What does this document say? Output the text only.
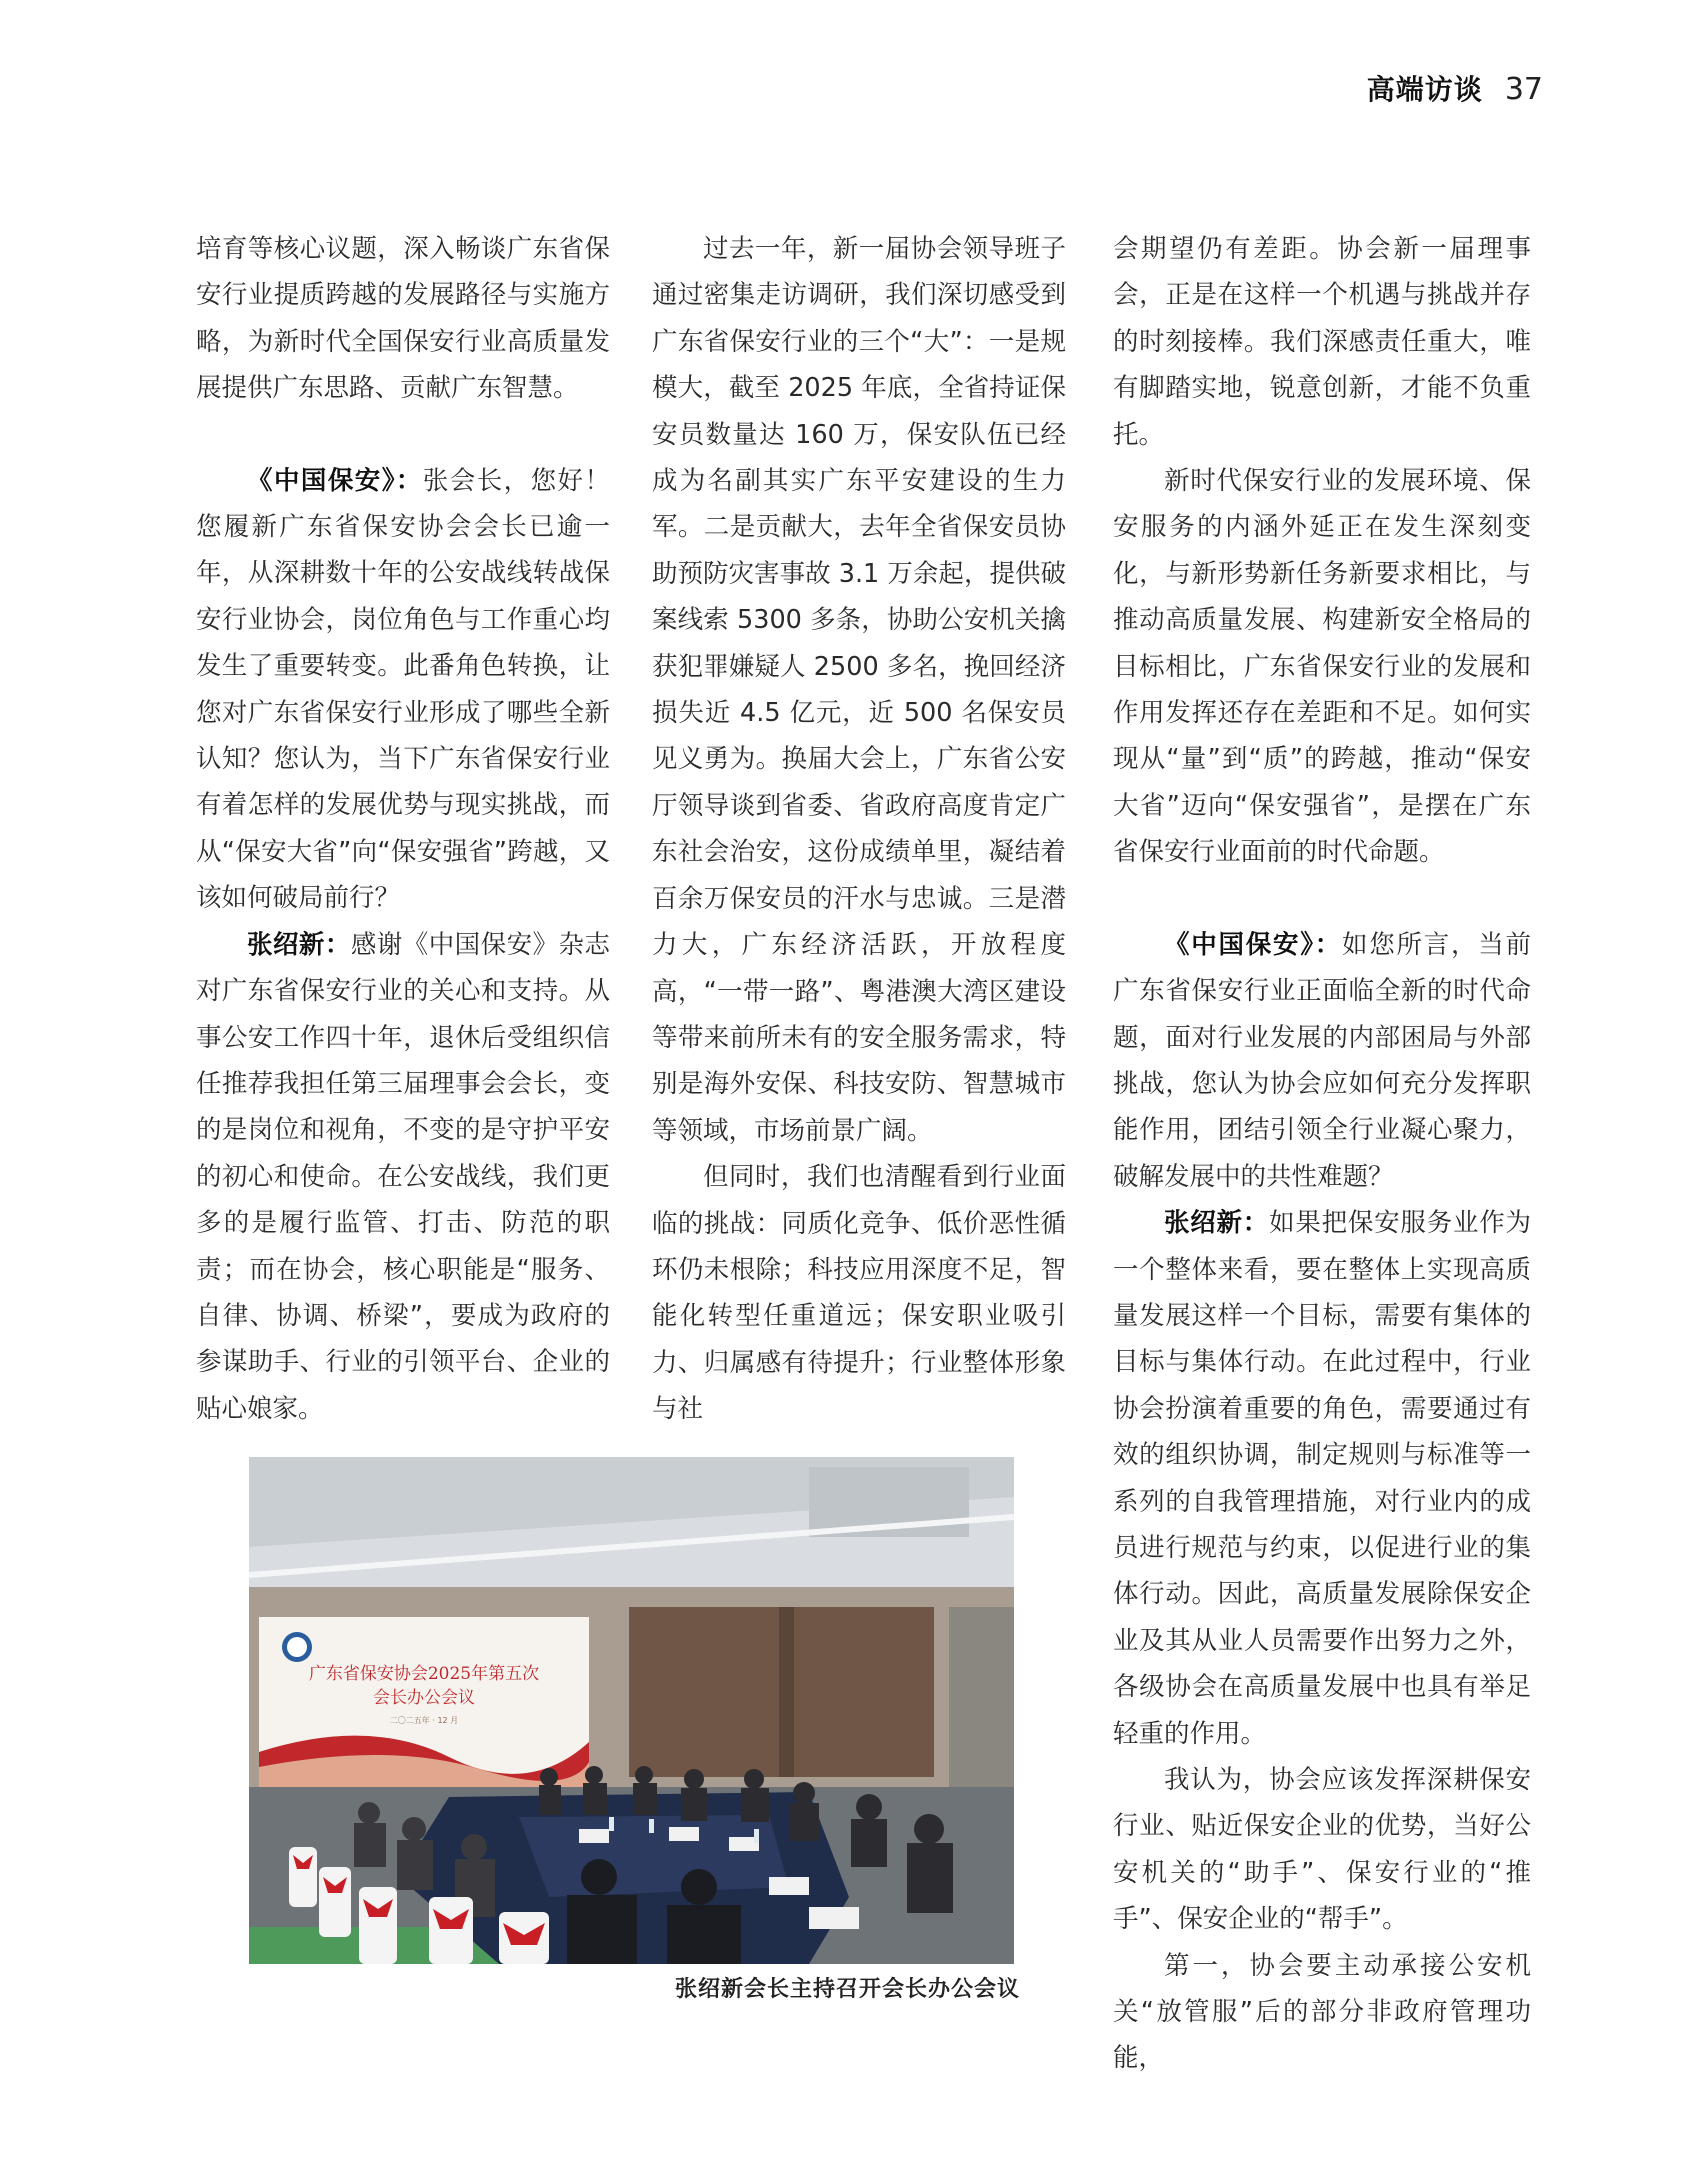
高端访谈 37

培育等核心议题，深入畅谈广东省保安行业提质跨越的发展路径与实施方略，为新时代全国保安行业高质量发展提供广东思路、贡献广东智慧。

《中国保安》：张会长，您好！您履新广东省保安协会会长已逾一年，从深耕数十年的公安战线转战保安行业协会，岗位角色与工作重心均发生了重要转变。此番角色转换，让您对广东省保安行业形成了哪些全新认知？您认为，当下广东省保安行业有着怎样的发展优势与现实挑战，而从“保安大省”向“保安强省”跨越，又该如何破局前行？

张绍新：感谢《中国保安》杂志对广东省保安行业的关心和支持。从事公安工作四十年，退休后受组织信任推荐我担任第三届理事会会长，变的是岗位和视角，不变的是守护平安的初心和使命。在公安战线，我们更多的是履行监管、打击、防范的职责；而在协会，核心职能是“服务、自律、协调、桥梁”，要成为政府的参谋助手、行业的引领平台、企业的贴心娘家。

过去一年，新一届协会领导班子通过密集走访调研，我们深切感受到广东省保安行业的三个“大”：一是规模大，截至 2025 年底，全省持证保安员数量达 160 万，保安队伍已经成为名副其实广东平安建设的生力军。二是贡献大，去年全省保安员协助预防灾害事故 3.1 万余起，提供破案线索 5300 多条，协助公安机关擒获犯罪嫌疑人 2500 多名，挽回经济损失近 4.5 亿元，近 500 名保安员见义勇为。换届大会上，广东省公安厅领导谈到省委、省政府高度肯定广东社会治安，这份成绩单里，凝结着百余万保安员的汗水与忠诚。三是潜力大，广东经济活跃，开放程度高，“一带一路”、粤港澳大湾区建设等带来前所未有的安全服务需求，特别是海外安保、科技安防、智慧城市等领域，市场前景广阔。

但同时，我们也清醒看到行业面临的挑战：同质化竞争、低价恶性循环仍未根除；科技应用深度不足，智能化转型任重道远；保安职业吸引力、归属感有待提升；行业整体形象与社

会期望仍有差距。协会新一届理事会，正是在这样一个机遇与挑战并存的时刻接棒。我们深感责任重大，唯有脚踏实地，锐意创新，才能不负重托。

新时代保安行业的发展环境、保安服务的内涵外延正在发生深刻变化，与新形势新任务新要求相比，与推动高质量发展、构建新安全格局的目标相比，广东省保安行业的发展和作用发挥还存在差距和不足。如何实现从“量”到“质”的跨越，推动“保安大省”迈向“保安强省”，是摆在广东省保安行业面前的时代命题。

《中国保安》：如您所言，当前广东省保安行业正面临全新的时代命题，面对行业发展的内部困局与外部挑战，您认为协会应如何充分发挥职能作用，团结引领全行业凝心聚力，破解发展中的共性难题？

张绍新：如果把保安服务业作为一个整体来看，要在整体上实现高质量发展这样一个目标，需要有集体的目标与集体行动。在此过程中，行业协会扮演着重要的角色，需要通过有效的组织协调，制定规则与标准等一系列的自我管理措施，对行业内的成员进行规范与约束，以促进行业的集体行动。因此，高质量发展除保安企业及其从业人员需要作出努力之外，各级协会在高质量发展中也具有举足轻重的作用。

我认为，协会应该发挥深耕保安行业、贴近保安企业的优势，当好公安机关的“助手”、保安行业的“推手”、保安企业的“帮手”。

第一，协会要主动承接公安机关“放管服”后的部分非政府管理功能，

广东省保安协会2025年第五次
会长办公会议
二〇二五年 · 12 月
张绍新会长主持召开会长办公会议
